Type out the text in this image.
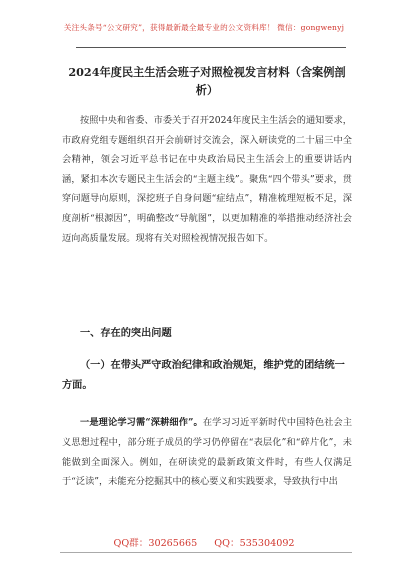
关注头条号“公文研究”，获得最新最全最专业的公文资料库！ 微信：gongwenyj
2024年度民主生活会班子对照检视发言材料（含案例剖析）

按照中央和省委、市委关于召开2024年度民主生活会的通知要求，市政府党组专题组织召开会前研讨交流会，深入研读党的二十届三中全会精神，领会习近平总书记在中央政治局民主生活会上的重要讲话内涵，紧扣本次专题民主生活会的“主题主线”。聚焦“四个带头”要求，贯穿问题导向原则，深挖班子自身问题“症结点”，精准梳理短板不足，深度剖析“根源因”，明确整改“导航图”，以更加精准的举措推动经济社会迈向高质量发展。现将有关对照检视情况报告如下。

一、存在的突出问题
（一）在带头严守政治纪律和政治规矩，维护党的团结统一方面。
一是理论学习需“深耕细作”。在学习习近平新时代中国特色社会主义思想过程中，部分班子成员的学习仍停留在“表层化”和“碎片化”，未能做到全面深入。例如，在研读党的最新政策文件时，有些人仅满足于“泛读”，未能充分挖掘其中的核心要义和实践要求，导致执行中出
QQ群：30265665 QQ：535304092
